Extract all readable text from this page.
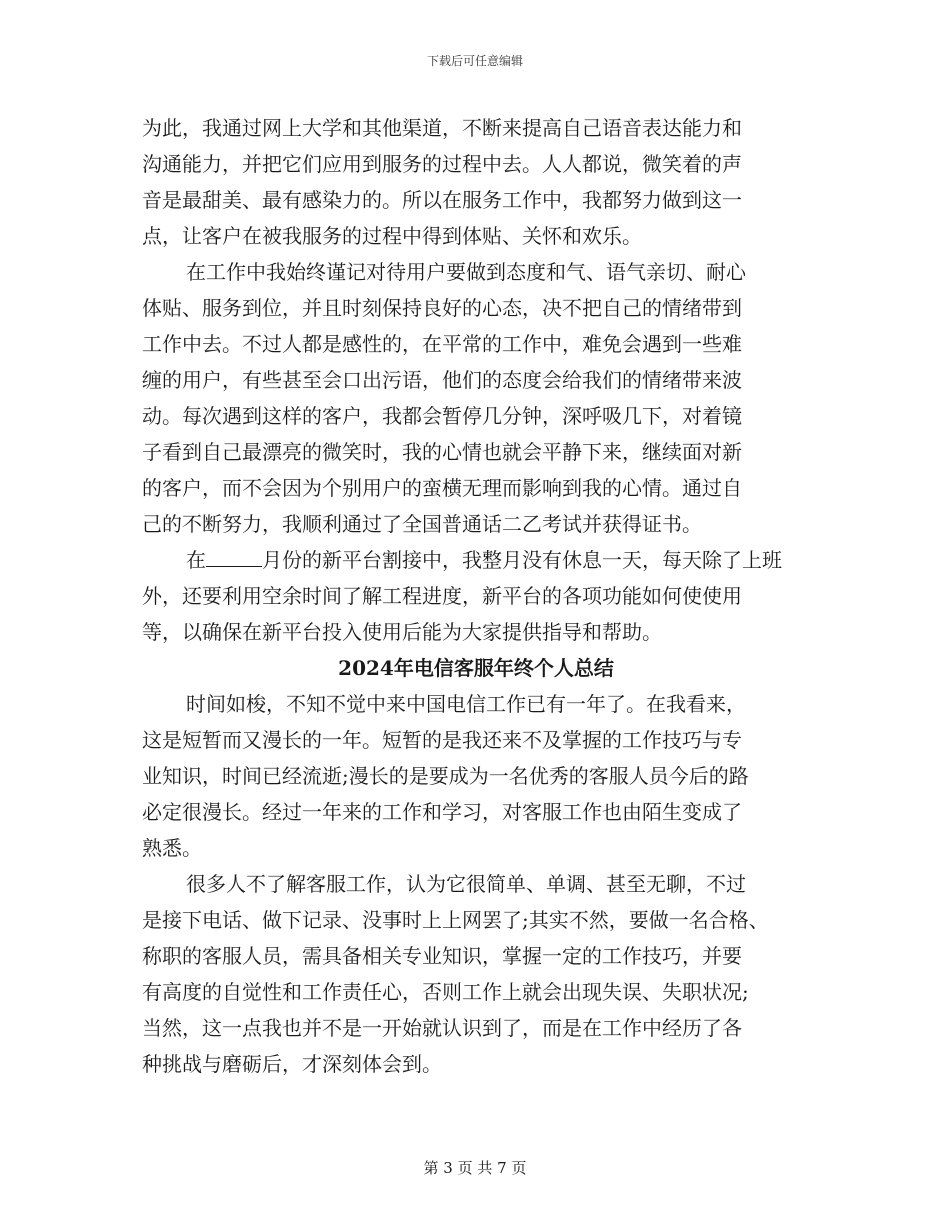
下载后可任意编辑
为此，我通过网上大学和其他渠道，不断来提高自己语音表达能力和
沟通能力，并把它们应用到服务的过程中去。人人都说，微笑着的声
音是最甜美、最有感染力的。所以在服务工作中，我都努力做到这一
点，让客户在被我服务的过程中得到体贴、关怀和欢乐。
在工作中我始终谨记对待用户要做到态度和气、语气亲切、耐心
体贴、服务到位，并且时刻保持良好的心态，决不把自己的情绪带到
工作中去。不过人都是感性的，在平常的工作中，难免会遇到一些难
缠的用户，有些甚至会口出污语，他们的态度会给我们的情绪带来波
动。每次遇到这样的客户，我都会暂停几分钟，深呼吸几下，对着镜
子看到自己最漂亮的微笑时，我的心情也就会平静下来，继续面对新
的客户，而不会因为个别用户的蛮横无理而影响到我的心情。通过自
己的不断努力，我顺利通过了全国普通话二乙考试并获得证书。
在	月份的新平台割接中，我整月没有休息一天，每天除了上班
外，还要利用空余时间了解工程进度，新平台的各项功能如何使使用
等，以确保在新平台投入使用后能为大家提供指导和帮助。
2024年电信客服年终个人总结
时间如梭，不知不觉中来中国电信工作已有一年了。在我看来，
这是短暂而又漫长的一年。短暂的是我还来不及掌握的工作技巧与专
业知识，时间已经流逝;漫长的是要成为一名优秀的客服人员今后的路
必定很漫长。经过一年来的工作和学习，对客服工作也由陌生变成了
熟悉。
很多人不了解客服工作，认为它很简单、单调、甚至无聊，不过
是接下电话、做下记录、没事时上上网罢了;其实不然，要做一名合格、
称职的客服人员，需具备相关专业知识，掌握一定的工作技巧，并要
有高度的自觉性和工作责任心，否则工作上就会出现失误、失职状况;
当然，这一点我也并不是一开始就认识到了，而是在工作中经历了各
种挑战与磨砺后，才深刻体会到。
第 3 页 共 7 页
